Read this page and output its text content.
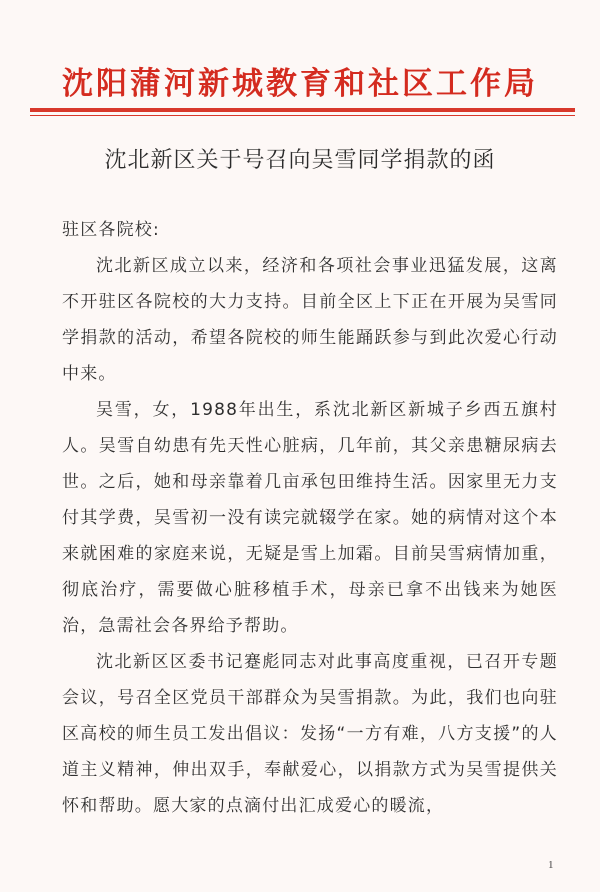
沈阳蒲河新城教育和社区工作局
沈北新区关于号召向吴雪同学捐款的函

驻区各院校:

沈北新区成立以来，经济和各项社会事业迅猛发展，这离不开驻区各院校的大力支持。目前全区上下正在开展为吴雪同学捐款的活动，希望各院校的师生能踊跃参与到此次爱心行动中来。

吴雪，女，1988年出生，系沈北新区新城子乡西五旗村人。吴雪自幼患有先天性心脏病，几年前，其父亲患糖尿病去世。之后，她和母亲靠着几亩承包田维持生活。因家里无力支付其学费，吴雪初一没有读完就辍学在家。她的病情对这个本来就困难的家庭来说，无疑是雪上加霜。目前吴雪病情加重，彻底治疗，需要做心脏移植手术，母亲已拿不出钱来为她医治，急需社会各界给予帮助。

沈北新区区委书记蹇彪同志对此事高度重视，已召开专题会议，号召全区党员干部群众为吴雪捐款。为此，我们也向驻区高校的师生员工发出倡议：发扬“一方有难，八方支援”的人道主义精神，伸出双手，奉献爱心，以捐款方式为吴雪提供关怀和帮助。愿大家的点滴付出汇成爱心的暖流，

1
